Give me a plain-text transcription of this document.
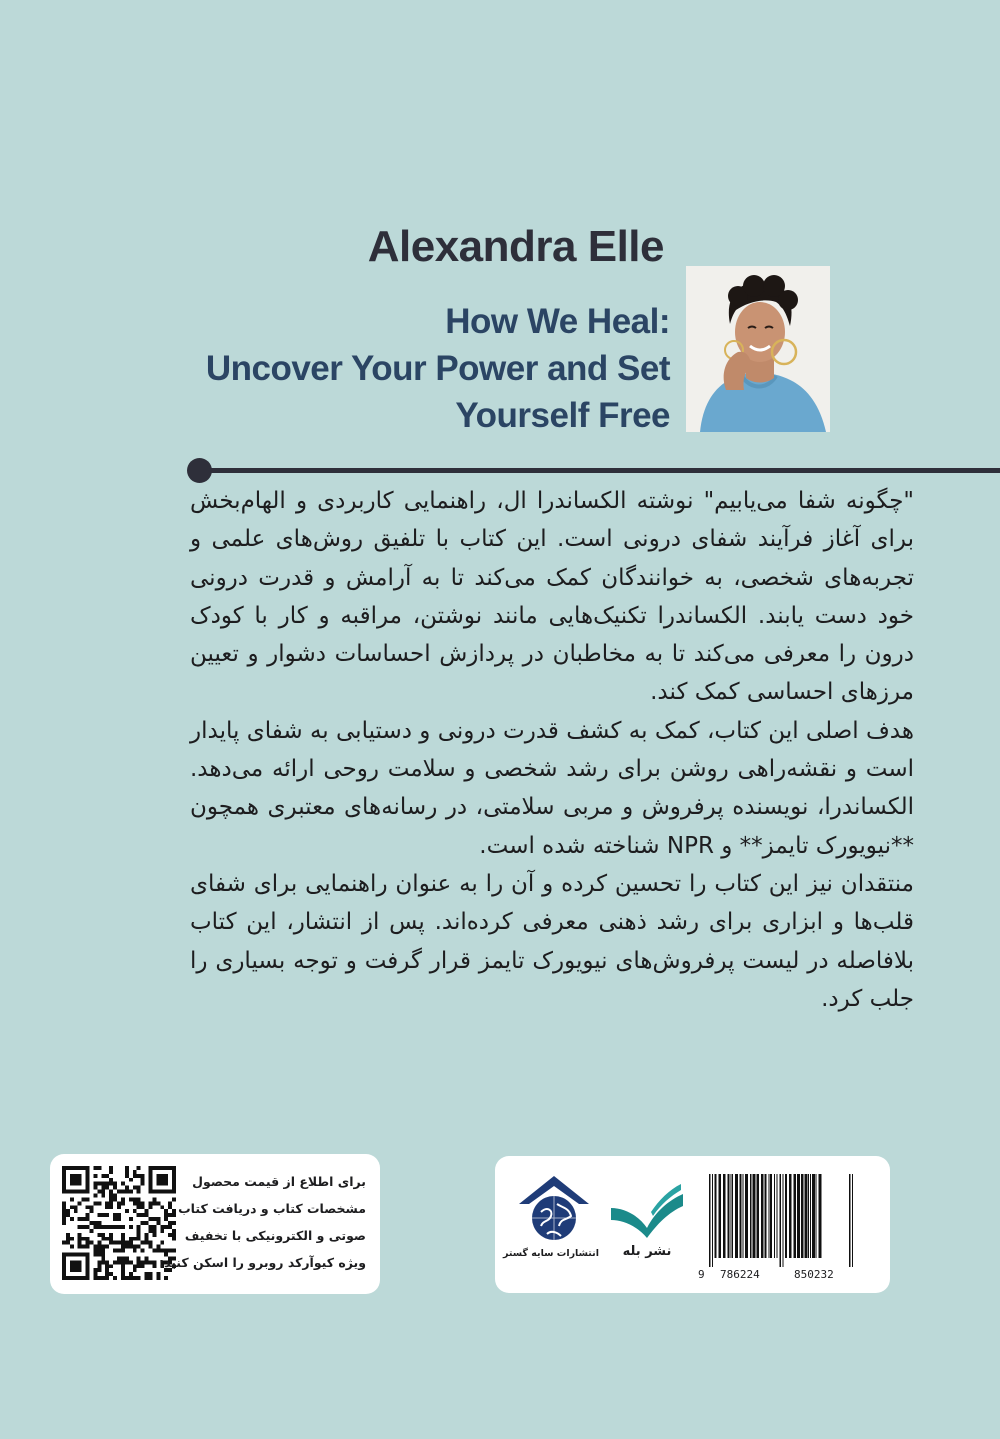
Alexandra Elle
How We Heal:
Uncover Your Power and Set
Yourself Free

"چگونه شفا می‌یابیم" نوشته الکساندرا ال، راهنمایی کاربردی و الهام‌بخش برای آغاز فرآیند شفای درونی است. این کتاب با تلفیق روش‌های علمی و تجربه‌های شخصی، به خوانندگان کمک می‌کند تا به آرامش و قدرت درونی خود دست یابند. الکساندرا تکنیک‌هایی مانند نوشتن، مراقبه و کار با کودک درون را معرفی می‌کند تا به مخاطبان در پردازش احساسات دشوار و تعیین مرزهای احساسی کمک کند.

هدف اصلی این کتاب، کمک به کشف قدرت درونی و دستیابی به شفای پایدار است و نقشه‌راهی روشن برای رشد شخصی و سلامت روحی ارائه می‌دهد. الکساندرا، نویسنده پرفروش و مربی سلامتی، در رسانه‌های معتبری همچون **نیویورک تایمز** و NPR شناخته شده است.

منتقدان نیز این کتاب را تحسین کرده و آن را به عنوان راهنمایی برای شفای قلب‌ها و ابزاری برای رشد ذهنی معرفی کرده‌اند. پس از انتشار، این کتاب بلافاصله در لیست پرفروش‌های نیویورک تایمز قرار گرفت و توجه بسیاری را جلب کرد.

برای اطلاع از قیمت محصول
مشخصات کتاب و دریافت کتاب
صوتی و الکترونیکی با تخفیف
ویژه کیوآرکد روبرو را اسکن کنید:
انتشارات سایه گستر	نشر بله
9 786224	850232
